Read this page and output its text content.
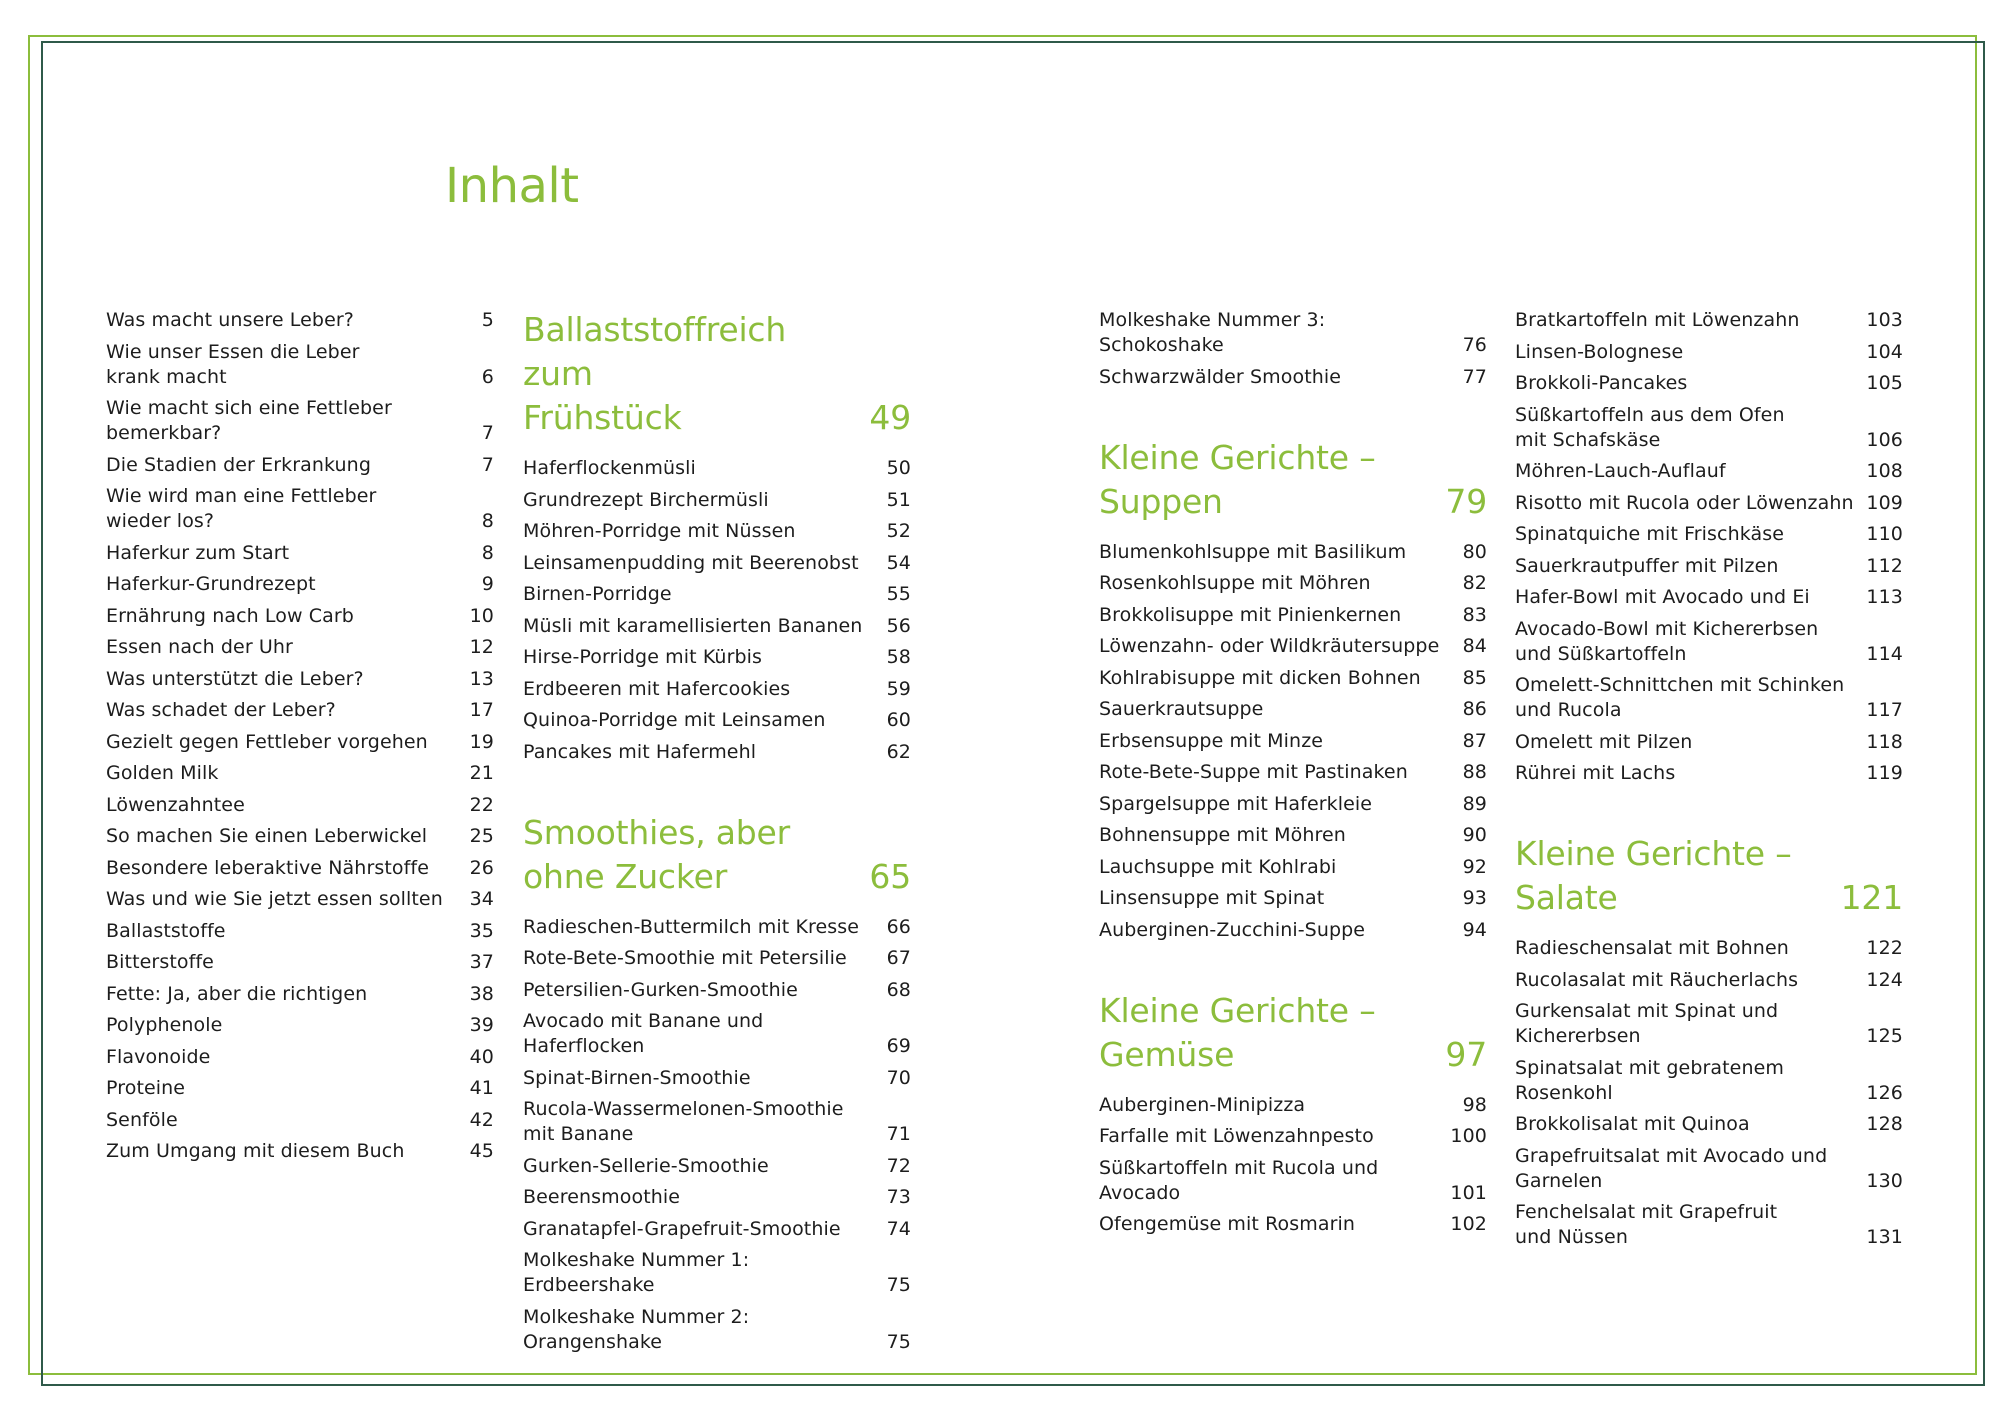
Inhalt
Was macht unsere Leber?	5
Wie unser Essen die Leber
krank macht	6
Wie macht sich eine Fettleber
bemerkbar?	7
Die Stadien der Erkrankung	7
Wie wird man eine Fettleber
wieder los?	8
Haferkur zum Start	8
Haferkur-Grundrezept	9
Ernährung nach Low Carb	10
Essen nach der Uhr	12
Was unterstützt die Leber?	13
Was schadet der Leber?	17
Gezielt gegen Fettleber vorgehen	19
Golden Milk	21
Löwenzahntee	22
So machen Sie einen Leberwickel	25
Besondere leberaktive Nährstoffe	26
Was und wie Sie jetzt essen sollten	34
Ballaststoffe	35
Bitterstoffe	37
Fette: Ja, aber die richtigen	38
Polyphenole	39
Flavonoide	40
Proteine	41
Senföle	42
Zum Umgang mit diesem Buch	45
Ballaststoffreich zum
Frühstück	49
Haferflockenmüsli	50
Grundrezept Birchermüsli	51
Möhren-Porridge mit Nüssen	52
Leinsamenpudding mit Beerenobst	54
Birnen-Porridge	55
Müsli mit karamellisierten Bananen	56
Hirse-Porridge mit Kürbis	58
Erdbeeren mit Hafercookies	59
Quinoa-Porridge mit Leinsamen	60
Pancakes mit Hafermehl	62
Smoothies, aber
ohne Zucker	65
Radieschen-Buttermilch mit Kresse	66
Rote-Bete-Smoothie mit Petersilie	67
Petersilien-Gurken-Smoothie	68
Avocado mit Banane und Haferflocken	69
Spinat-Birnen-Smoothie	70
Rucola-Wassermelonen-Smoothie
mit Banane	71
Gurken-Sellerie-Smoothie	72
Beerensmoothie	73
Granatapfel-Grapefruit-Smoothie	74
Molkeshake Nummer 1: Erdbeershake	75
Molkeshake Nummer 2:
Orangenshake	75
Molkeshake Nummer 3:
Schokoshake	76
Schwarzwälder Smoothie	77
Kleine Gerichte –
Suppen	79
Blumenkohlsuppe mit Basilikum	80
Rosenkohlsuppe mit Möhren	82
Brokkolisuppe mit Pinienkernen	83
Löwenzahn- oder Wildkräutersuppe	84
Kohlrabisuppe mit dicken Bohnen	85
Sauerkrautsuppe	86
Erbsensuppe mit Minze	87
Rote-Bete-Suppe mit Pastinaken	88
Spargelsuppe mit Haferkleie	89
Bohnensuppe mit Möhren	90
Lauchsuppe mit Kohlrabi	92
Linsensuppe mit Spinat	93
Auberginen-Zucchini-Suppe	94
Kleine Gerichte –
Gemüse	97
Auberginen-Minipizza	98
Farfalle mit Löwenzahnpesto	100
Süßkartoffeln mit Rucola und
Avocado	101
Ofengemüse mit Rosmarin	102
Bratkartoffeln mit Löwenzahn	103
Linsen-Bolognese	104
Brokkoli-Pancakes	105
Süßkartoffeln aus dem Ofen
mit Schafskäse	106
Möhren-Lauch-Auflauf	108
Risotto mit Rucola oder Löwenzahn 109
Spinatquiche mit Frischkäse	110
Sauerkrautpuffer mit Pilzen	112
Hafer-Bowl mit Avocado und Ei	113
Avocado-Bowl mit Kichererbsen
und Süßkartoffeln	114
Omelett-Schnittchen mit Schinken
und Rucola	117
Omelett mit Pilzen	118
Rührei mit Lachs	119
Kleine Gerichte –
Salate	121
Radieschensalat mit Bohnen	122
Rucolasalat mit Räucherlachs	124
Gurkensalat mit Spinat und
Kichererbsen	125
Spinatsalat mit gebratenem
Rosenkohl	126
Brokkolisalat mit Quinoa	128
Grapefruitsalat mit Avocado und
Garnelen	130
Fenchelsalat mit Grapefruit
und Nüssen	131
